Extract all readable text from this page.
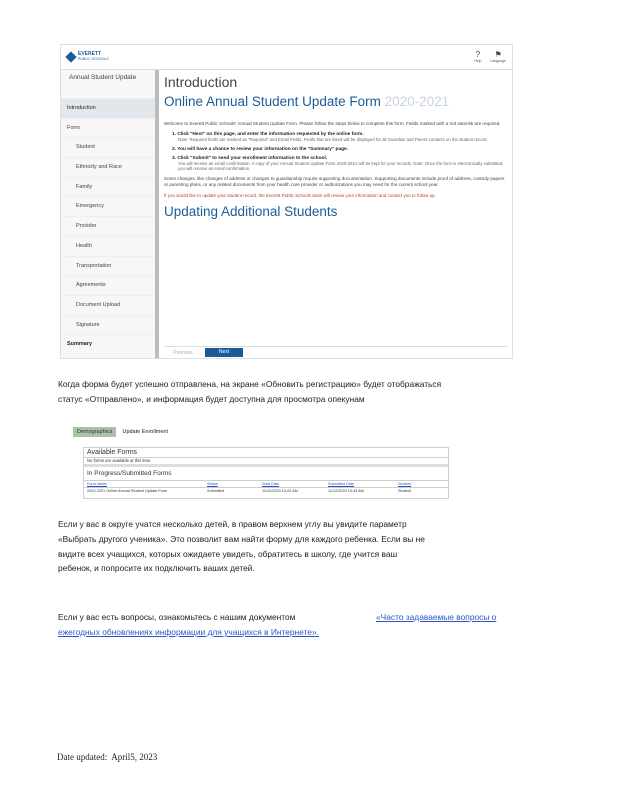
EVERETT
PUBLIC SCHOOLS	?
Help
⚑
Language
Annual Student Update
Introduction
Form
Student
Ethnicity and Race
Family
Emergency
Provider
Health
Transportation
Agreements
Document Upload
Signature
Summary
Introduction
Online Annual Student Update Form 2020-2021

Welcome to Everett Public Schools' Annual Student Update Form. Please follow the steps below to complete this form. Fields marked with a red asterisk are required.

1. Click "Next" on this page, and enter the information requested by the online form.
Note: Required fields are marked as "Required" and Email Fields. Fields that are listed will be displayed for all Guardian and Parent contacts on the student record.
2. You will have a chance to review your information on the "Summary" page.
3. Click "Submit" to send your enrollment information to the school.
You will receive an email confirmation. A copy of your Annual Student Update Form 2020-2021 will be kept for your records. Note: Once the form is electronically submitted, you will receive an email confirmation.

Some changes, like changes of address or changes to guardianship require supporting documentation. Supporting documents include proof of address, custody papers or parenting plans, or any related documents from your health care provider or authorizations you may need for the current school year.

If you would like to update your student record, the Everett Public Schools team will review your information and contact you to follow up.

Updating Additional Students
Previous	Next
Когда форма будет успешно отправлена, на экране «Обновить регистрацию» будет отображаться
статус «Отправлено», и информация будет доступна для просмотра опекунам
Demographics	Update Enrollment
Available Forms
No forms are available at this time.
In Progress/Submitted Forms
Form Name	Status	Start Date	Submitted Date	Student
2020-2021 Online Annual Student Update Form	Submitted	11/12/2020 10:22 AM	11/12/2020 10:43 AM	Student
Если у вас в округе учатся несколько детей, в правом верхнем углу вы увидите параметр
«Выбрать другого ученика». Это позволит вам найти форму для каждого ребенка. Если вы не
видите всех учащихся, которых ожидаете увидеть, обратитесь в школу, где учится ваш
ребенок, и попросите их подключить ваших детей.
Если у вас есть вопросы, ознакомьтесь с нашим документом	«Часто задаваемые вопросы о
ежегодных обновлениях информации для учащихся в Интернете».
Date updated: April5, 2023
